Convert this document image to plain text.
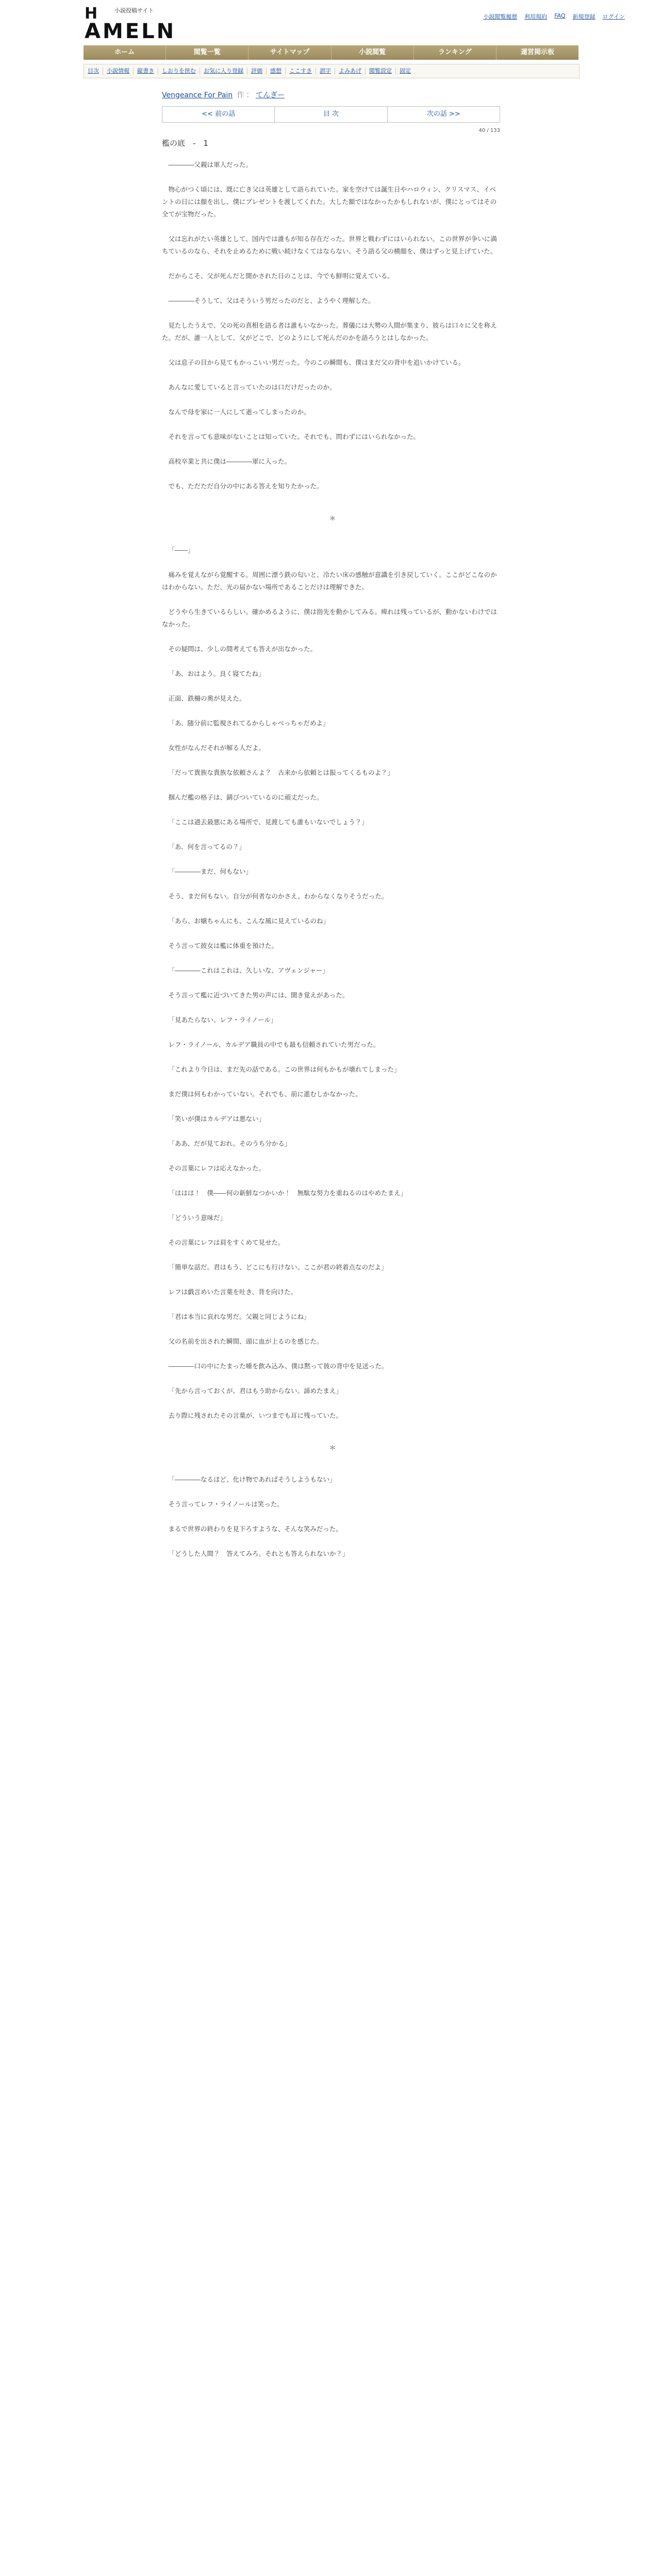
H	小説投稿サイト
AMELN
小説閲覧履歴 利用規約 FAQ 新規登録 ログイン
ホーム	閲覧一覧	サイトマップ	小説閲覧	ランキング	運営掲示板
目次	小説情報	縦書き	しおりを挟む	お気に入り登録	評価	感想	ここすき	誤字	よみあげ	閲覧設定	固定
Vengeance For Pain 作： てんぎー
<< 前の話	目 次	次の話 >>
40 / 133
檻の底　-　1

――――父親は軍人だった。

物心がつく頃には、既に亡き父は英雄として語られていた。家を空けては誕生日やハロウィン、クリスマス、イベントの日には顔を出し、僕にプレゼントを渡してくれた。大した額ではなかったかもしれないが、僕にとってはその全てが宝物だった。

父は忘れがたい英雄として、国内では誰もが知る存在だった。世界と戦わずにはいられない。この世界が争いに満ちているのなら、それを止めるために戦い続けなくてはならない。そう語る父の横顔を、僕はずっと見上げていた。

だからこそ、父が死んだと聞かされた日のことは、今でも鮮明に覚えている。

――――そうして、父はそういう男だったのだと、ようやく理解した。

見たしたうえで、父の死の真相を語る者は誰もいなかった。葬儀には大勢の人間が集まり、彼らは口々に父を称えた。だが、誰一人として、父がどこで、どのようにして死んだのかを語ろうとはしなかった。

父は息子の目から見てもかっこいい男だった。今のこの瞬間も、僕はまだ父の背中を追いかけている。

あんなに愛していると言っていたのは口だけだったのか。

なんで母を家に一人にして逝ってしまったのか。

それを言っても意味がないことは知っていた。それでも、問わずにはいられなかった。

高校卒業と共に僕は――――軍に入った。

でも、ただただ自分の中にある答えを知りたかった。

＊

「――」

痛みを覚えながら覚醒する。周囲に漂う鉄の匂いと、冷たい床の感触が意識を引き戻していく。ここがどこなのかはわからない。ただ、光の届かない場所であることだけは理解できた。

どうやら生きているらしい。確かめるように、僕は指先を動かしてみる。痺れは残っているが、動かないわけではなかった。

その疑問は、少しの間考えても答えが出なかった。

「あ、おはよう。良く寝てたね」

正面、鉄柵の奥が見えた。

「あ、随分前に監視されてるからしゃべっちゃだめよ」

女性がなんだそれが解る人だよ。

「だって貴族な貴族な依頼さんよ？　古来から依頼とは振ってくるものよ？」

掴んだ檻の格子は、錆びついているのに頑丈だった。

「ここは過去最悪にある場所で、見渡しても誰もいないでしょう？」

「あ、何を言ってるの？」

「――――まだ、何もない」

そう、まだ何もない。自分が何者なのかさえ、わからなくなりそうだった。

「あら、お嬢ちゃんにも、こんな風に見えているのね」

そう言って彼女は檻に体重を預けた。

「――――これはこれは、久しいな、アヴェンジャー」

そう言って檻に近づいてきた男の声には、聞き覚えがあった。

「見あたらない、レフ・ライノール」

レフ・ライノール、カルデア職員の中でも最も信頼されていた男だった。

「これより今日は、まだ先の話である。この世界は何もかもが壊れてしまった」

まだ僕は何もわかっていない。それでも、前に進むしかなかった。

「笑いが僕はカルデアは悪ない」

「ああ、だが見ておれ。そのうち分かる」

その言葉にレフは応えなかった。

「ははは！　僕――何の新鮮なつかいか！　無駄な努力を重ねるのはやめたまえ」

「どういう意味だ」

その言葉にレフは肩をすくめて見せた。

「簡単な話だ。君はもう、どこにも行けない。ここが君の終着点なのだよ」

レフは戯言めいた言葉を吐き、背を向けた。

「君は本当に哀れな男だ。父親と同じようにね」

父の名前を出された瞬間、頭に血が上るのを感じた。

――――口の中にたまった唾を飲み込み、僕は黙って彼の背中を見送った。

「先から言っておくが、君はもう助からない。諦めたまえ」

去り際に残されたその言葉が、いつまでも耳に残っていた。

＊

「――――なるほど、化け物であればそうしようもない」

そう言ってレフ・ライノールは笑った。

まるで世界の終わりを見下ろすような、そんな笑みだった。

「どうした人間？　答えてみろ。それとも答えられないか？」
